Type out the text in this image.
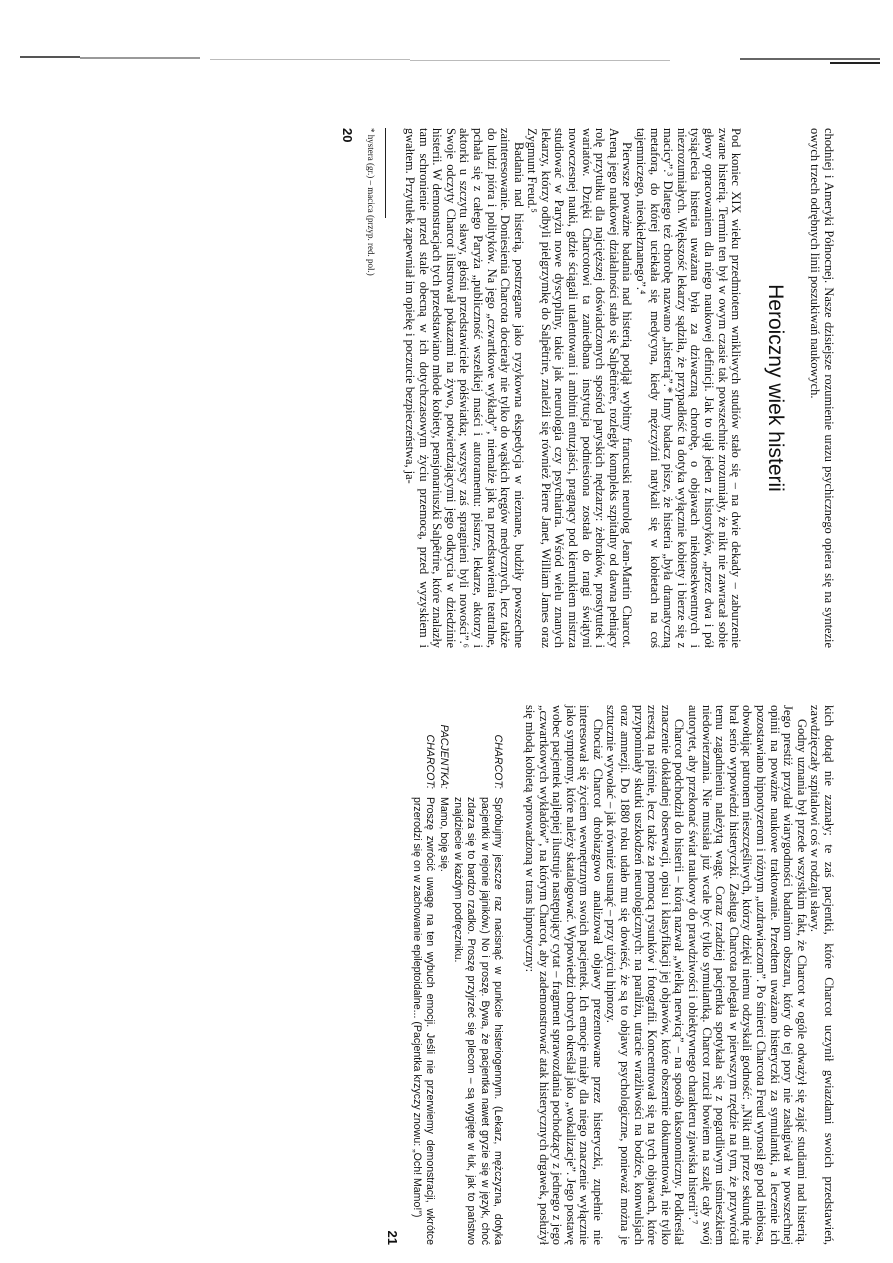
chodniej i Ameryki Północnej. Nasze dzisiejsze rozumienie urazu psychicznego opiera się na syntezie owych trzech odrębnych linii poszukiwań naukowych.

Heroiczny wiek histerii

Pod koniec XIX wieku przedmiotem wnikliwych studiów stało się – na dwie dekady – zaburzenie zwane histerią. Termin ten był w owym czasie tak powszechnie zrozumiały, że nikt nie zawracał sobie głowy opracowaniem dla niego naukowej definicji. Jak to ujął jeden z historyków, „przez dwa i pół tysiąclecia histeria uważana była za dziwaczną chorobę, o objawach niekonsekwentnych i niezrozumiałych. Większość lekarzy sądziła, że przypadłość ta dotyka wyłącznie kobiety i bierze się z macicy”.³ Dlatego też chorobę nazwano „histerią”.* Inny badacz pisze, że histeria „była dramatyczną metaforą, do której uciekała się medycyna, kiedy mężczyźni natykali się w kobietach na coś tajemniczego, nieokiełznanego”.⁴

Pierwsze poważne badania nad histerią podjął wybitny francuski neurolog Jean-Martin Charcot. Areną jego naukowej działalności stało się Salpêtrière, rozległy kompleks szpitalny od dawna pełniący rolę przytułku dla najcięższej doświadczonych spośród paryskich nędzarzy: żebraków, prostytutek i wariatów. Dzięki Charcotowi ta zaniedbana instytucja podniesiona została do rangi świątyni nowoczesnej nauki, gdzie ściągali utalentowani i ambitni entuzjaści, pragnący pod kierunkiem mistrza studiować w Paryżu nowe dyscypliny, takie jak neurologia czy psychiatria. Wśród wielu znanych lekarzy, którzy odbyli pielgrzymkę do Salpêtrire, znaleźli się również Pierre Janet, William James oraz Zygmunt Freud.⁵

Badania nad histerią, postrzegane jako ryzykowna ekspedycja w nieznane, budziły powszechne zainteresowanie. Doniesienia Charcota docierały nie tylko do wąskich kręgów medycznych, lecz także do ludzi pióra i polityków. Na jego „czwartkowe wykłady”, niemalże jak na przedstawienia teatralne, pchała się z całego Paryża „publiczność wszelkiej maści i autoramentu: pisarze, lekarze, aktorzy i aktorki u szczytu sławy, głośni przedstawiciele półświatka; wszyscy zaś spragnieni byli nowości”.⁶ Swoje odczyty Charcot ilustrował pokazami na żywo, potwierdzającymi jego odkrycia w dziedzinie histerii. W demonstracjach tych przedstawiano młode kobiety, pensjonariuszki Salpêtrire, które znalazły tam schronienie przed stale obecną w ich dotychczasowym życiu przemocą, przed wyzyskiem i gwałtem. Przytułek zapewniał im opiekę i poczucie bezpieczeństwa, ja-

* hystera (gr.) – macica (przyp. red. pol.)
20

kich dotąd nie zaznały; te zaś pacjentki, które Charcot uczynił gwiazdami swoich przedstawień, zawdzięczały szpitalowi coś w rodzaju sławy.

Godny uznania był przede wszystkim fakt, że Charcot w ogóle odważył się zająć studiami nad histerią. Jego prestiż przydał wiarygodności badaniom obszaru, który do tej pory nie zasługiwał w powszechnej opinii na poważne naukowe traktowanie. Przedtem uważano histeryczki za symulantki, a leczenie ich pozostawiano hipnotyzerom i różnym „uzdrawiaczom”. Po śmierci Charcota Freud wynosił go pod niebiosa, obwołując patronem nieszczęśliwych, którzy dzięki niemu odzyskali godność: „Nikt ani przez sekundę nie brał serio wypowiedzi histeryczki. Zasługa Charcota polegała w pierwszym rzędzie na tym, że przywrócił temu zagadnieniu należytą wagę. Coraz rzadziej pacjentka spotykała się z pogardliwym uśmieszkiem niedowierzania. Nie musiała już wcale być tylko symulantką. Charcot rzucił bowiem na szalę cały swój autorytet, aby przekonać świat naukowy do prawdziwości i obiektywnego charakteru zjawiska histerii”.⁷

Charcot podchodził do histerii – którą nazwał „wielką nerwicą” – na sposób taksonomiczny. Podkreślał znaczenie dokładnej obserwacji, opisu i klasyfikacji jej objawów, które obszernie dokumentował, nie tylko zresztą na piśmie, lecz także za pomocą rysunków i fotografii. Koncentrował się na tych objawach, które przypominały skutki uszkodzeń neurologicznych: na paraliżu, utracie wrażliwości na bodźce, konwulsjach oraz amnezji. Do 1880 roku udało mu się dowieść, że są to objawy psychologiczne, ponieważ można je sztucznie wywołać – jak również usunąć – przy użyciu hipnozy.

Chociaż Charcot drobiazgowo analizował objawy prezentowane przez histeryczki, zupełnie nie interesował się życiem wewnętrznym swoich pacjentek. Ich emocje miały dla niego znaczenie wyłącznie jako symptomy, które należy skatalogować. Wypowiedzi chorych określał jako „wokalizacje”. Jego postawę wobec pacjentek najlepiej ilustruje następujący cytat – fragment sprawozdania pochodzący z jednego z jego „czwartkowych wykładów”, na którym Charcot, aby zademonstrować atak histerycznych drgawek, posłużył się młodą kobietą wprowadzoną w trans hipnotyczny:

CHARCOT:
Spróbujmy jeszcze raz nacisnąć w punkcie histeriogennym. (Lekarz, mężczyzna, dotyka pacjentki w rejonie jajników.) No i proszę. Bywa, że pacjentka nawet gryzie się w język, choć zdarza się to bardzo rzadko. Proszę przyjrzeć się plecom – są wygięte w łuk, jak to państwo znajdziecie w każdym podręczniku.
PACJENTKA:
Mamo, boję się.
CHARCOT:
Proszę zwrócić uwagę na ten wybuch emocji. Jeśli nie przerwiemy demonstracji, wkrótce przerodzi się on w zachowanie epileptoidalne... (Pacjentka krzyczy znowu: „Och! Mamo!”)
21
